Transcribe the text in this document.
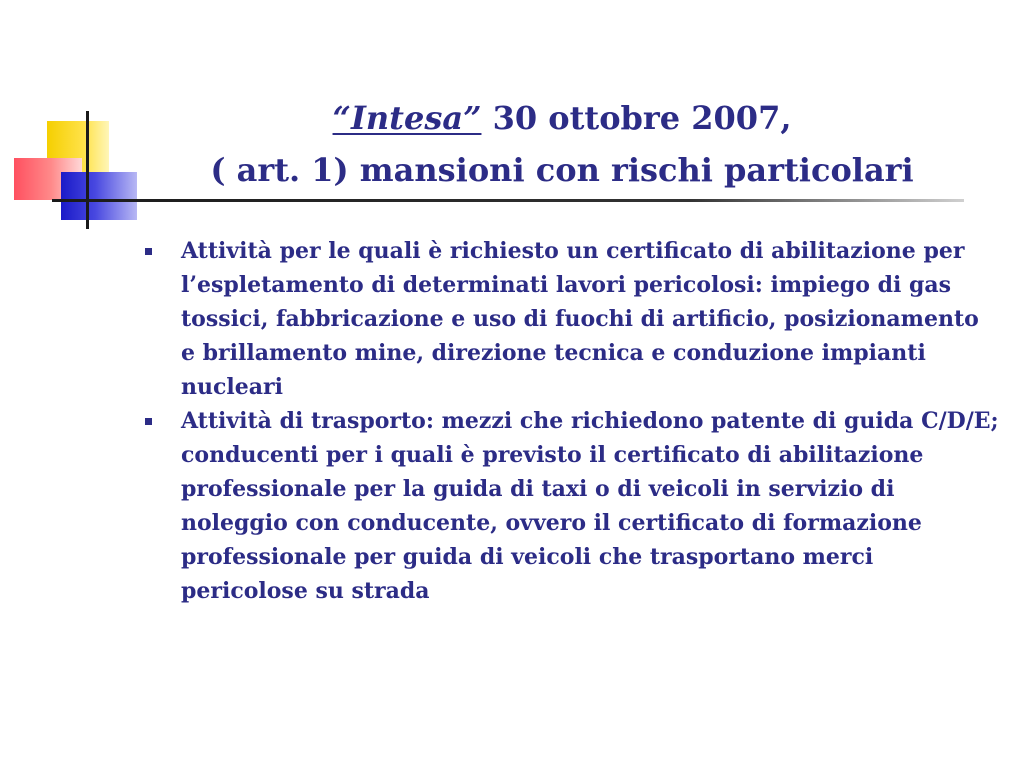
“Intesa” 30 ottobre 2007,
( art. 1) mansioni con rischi particolari
Attività per le quali è richiesto un certificato di abilitazione per l’espletamento di determinati lavori pericolosi: impiego di gas tossici, fabbricazione e uso di fuochi di artificio, posizionamento e brillamento mine, direzione tecnica e conduzione impianti nucleari
Attività di trasporto: mezzi che richiedono patente di guida C/D/E; conducenti per i quali è previsto il certificato di abilitazione professionale per la guida di taxi o di veicoli in servizio di noleggio con conducente, ovvero il certificato di formazione professionale per guida di veicoli che trasportano merci pericolose su strada
